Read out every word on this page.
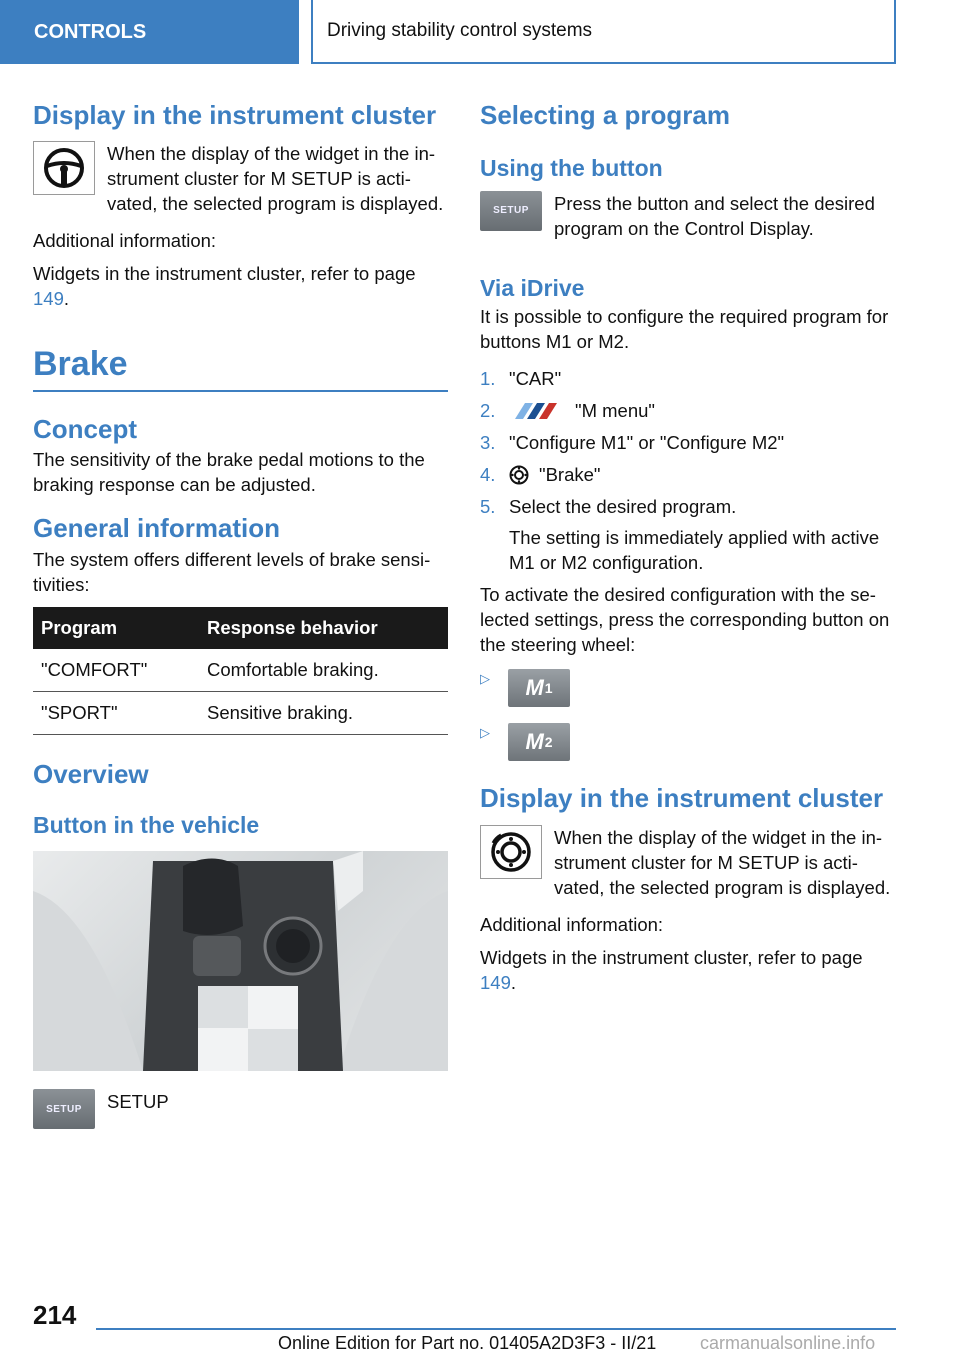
CONTROLS	Driving stability control systems
Display in the instrument cluster

When the display of the widget in the instrument cluster for M SETUP is activated, the selected program is displayed.

Additional information:

Widgets in the instrument cluster, refer to page 149.

Brake
Concept

The sensitivity of the brake pedal motions to the braking response can be adjusted.

General information

The system offers different levels of brake sensitivities:

Program	Response behavior
"COMFORT"	Comfortable braking.
"SPORT"	Sensitive braking.
Overview
Button in the vehicle
SETUP	SETUP

Selecting a program
Using the button
SETUP	Press the button and select the desired program on the Control Display.

Via iDrive

It is possible to configure the required program for buttons M1 or M2.

1. "CAR"
2.	"M menu"
3. "Configure M1" or "Configure M2"
4.	"Brake"
5. Select the desired program.

The setting is immediately applied with active M1 or M2 configuration.

To activate the desired configuration with the selected settings, press the corresponding button on the steering wheel:

▷ M 1
▷ M 2
Display in the instrument cluster

When the display of the widget in the instrument cluster for M SETUP is activated, the selected program is displayed.

Additional information:

Widgets in the instrument cluster, refer to page 149.

214
Online Edition for Part no. 01405A2D3F3 - II/21 carmanualsonline.info
